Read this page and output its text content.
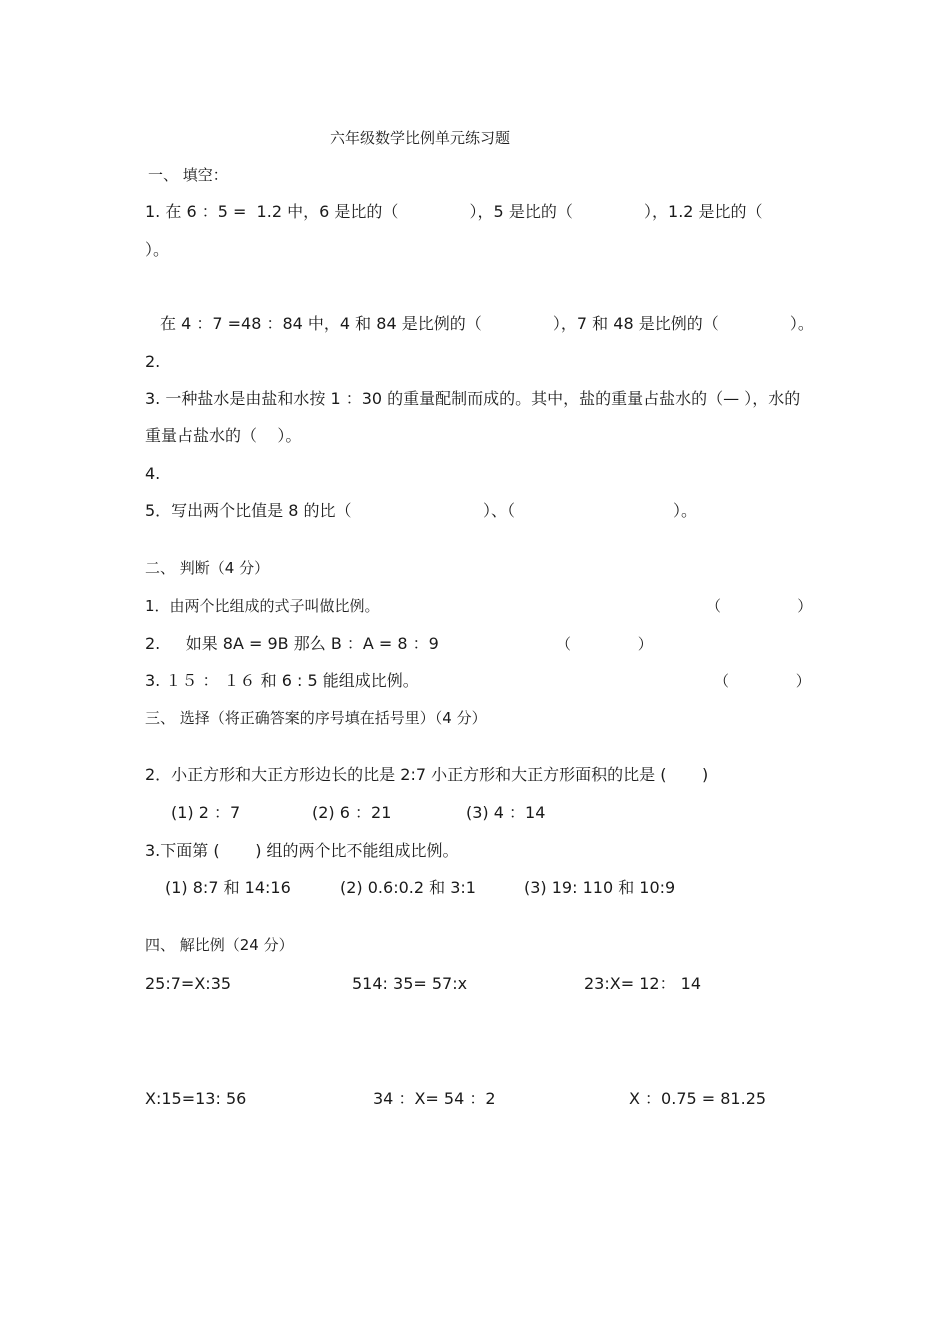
六年级数学比例单元练习题
一、 填空：
1. 在 6 ：5 =  1.2 中，6 是比的（              ），5 是比的（              ），1.2 是比的（
）。
在 4 ：7 =48 ：84 中，4 和 84 是比例的（              ），7 和 48 是比例的（              ）。
2.
3. 一种盐水是由盐和水按 1 ：30 的重量配制而成的。其中，盐的重量占盐水的（— ），水的
重量占盐水的（    ）。
4.
5．写出两个比值是 8 的比（	）、（	）。
二、 判断（4 分）
1．由两个比组成的式子叫做比例。	（                ）
2.     如果 8A = 9B 那么 B ：A = 8 ：9	（              ）
3. １５ ： １６ 和 6 : 5 能组成比例。	（              ）
三、 选择（将正确答案的序号填在括号里）（4 分）
2．小正方形和大正方形边长的比是 2:7 小正方形和大正方形面积的比是 (       )
(1) 2 ：7	(2) 6 ：21	(3) 4 ：14
3.下面第 (       ) 组的两个比不能组成比例。
(1) 8:7 和 14:16	(2) 0.6:0.2 和 3:1	(3) 19: 110 和 10:9
四、 解比例（24 分）
25:7=X:35	514: 35= 57:x	23:X= 12： 14
X:15=13: 56	34 ：X= 54 ：2	X ：0.75 = 81.25
